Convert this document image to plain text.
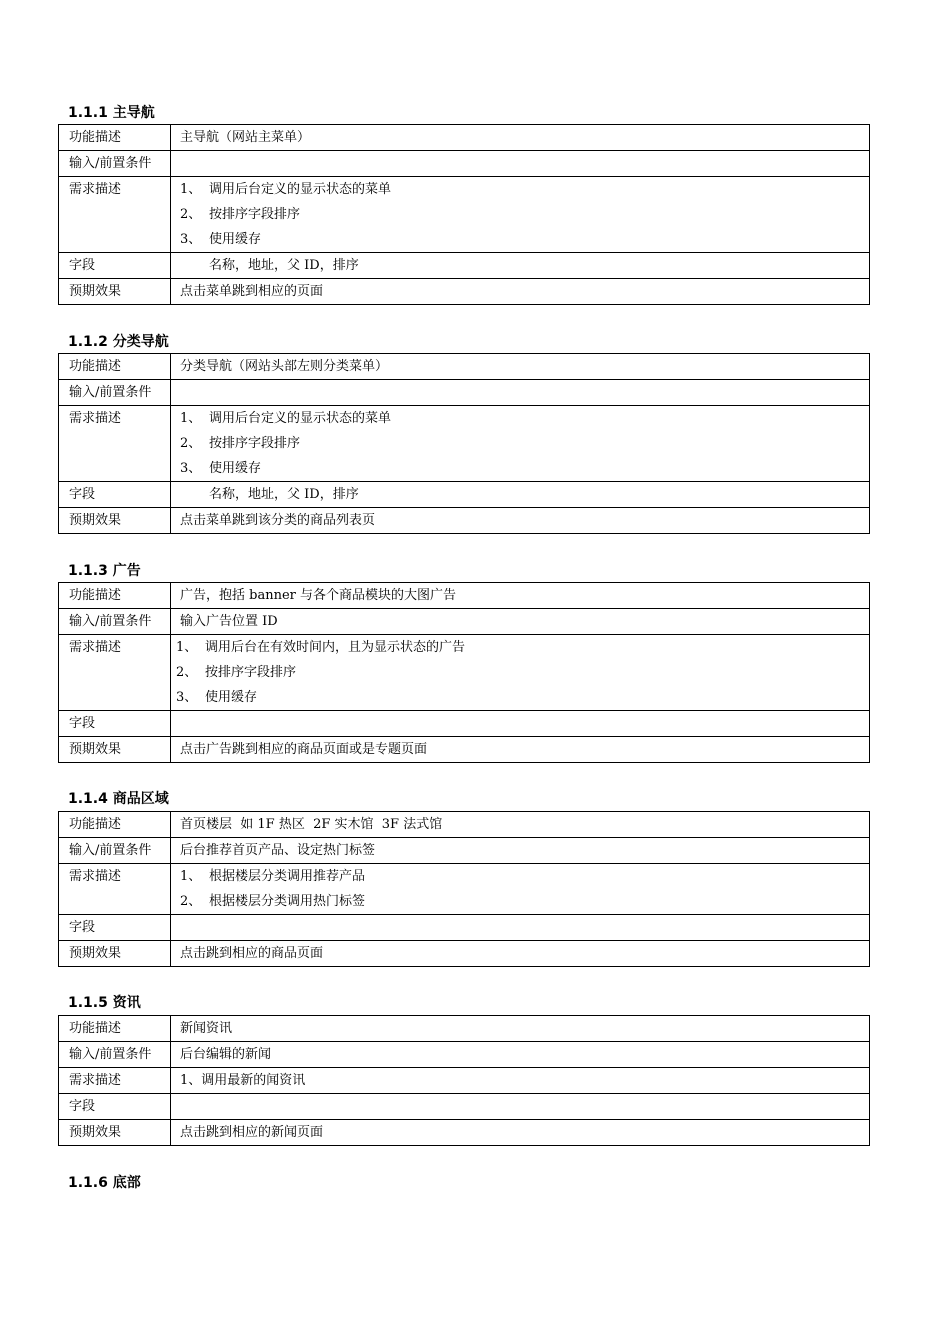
1.1.1 主导航
功能描述	主导航（网站主菜单）
输入/前置条件	
需求描述	1、 调用后台定义的显示状态的菜单
2、 按排序字段排序
3、 使用缓存

字段	名称，地址，父 ID，排序
预期效果	点击菜单跳到相应的页面
1.1.2 分类导航
功能描述	分类导航（网站头部左则分类菜单）
输入/前置条件	
需求描述	1、 调用后台定义的显示状态的菜单
2、 按排序字段排序
3、 使用缓存

字段	名称，地址，父 ID，排序
预期效果	点击菜单跳到该分类的商品列表页
1.1.3 广告
功能描述	广告，抱括 banner 与各个商品模块的大图广告
输入/前置条件	输入广告位置 ID
需求描述	1、 调用后台在有效时间内，且为显示状态的广告
2、 按排序字段排序
3、 使用缓存

字段	
预期效果	点击广告跳到相应的商品页面或是专题页面
1.1.4 商品区域
功能描述	首页楼层  如 1F 热区  2F 实木馆  3F 法式馆
输入/前置条件	后台推荐首页产品、设定热门标签
需求描述	1、 根据楼层分类调用推荐产品
2、 根据楼层分类调用热门标签

字段	
预期效果	点击跳到相应的商品页面
1.1.5 资讯
功能描述	新闻资讯
输入/前置条件	后台编辑的新闻
需求描述	1、调用最新的闻资讯
字段	
预期效果	点击跳到相应的新闻页面
1.1.6 底部
